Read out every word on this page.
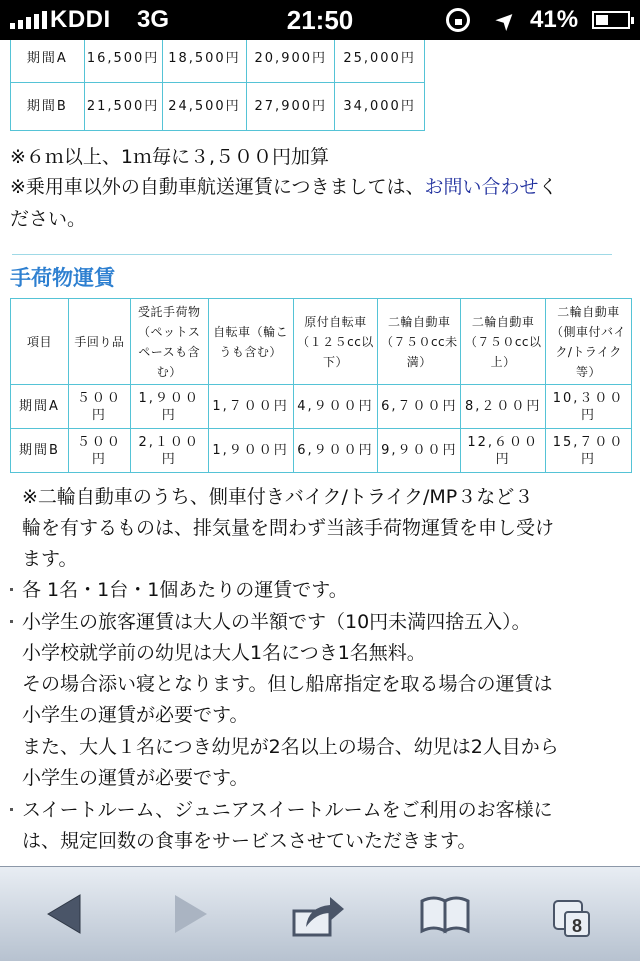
KDDI 3G	21:50	➤ 41%
期間A	16,500円	18,500円	20,900円	25,000円
期間B	21,500円	24,500円	27,900円	34,000円
※６ｍ以上、1ｍ毎に３,５００円加算
※乗用車以外の自動車航送運賃につきましては、お問い合わせく
ださい。
手荷物運賃
項目	手回り品	受託手荷物（ペットスペースも含む）	自転車（輪こうも含む）	原付自転車（１２５cc以下）	二輪自動車（７５０cc未満）	二輪自動車（７５０cc以上）	二輪自動車（側車付バイク/トライク等）
期間A	５００円	1,９００円	1,７００円	4,９００円	6,７００円	8,２００円	10,３００円
期間B	５００円	2,１００円	1,９００円	6,９００円	9,９００円	12,６００円	15,７００円
※二輪自動車のうち、側車付きバイク/トライク/MP３など３
輪を有するものは、排気量を問わず当該手荷物運賃を申し受け
ます。
各 1名・1台・1個あたりの運賃です。
小学生の旅客運賃は大人の半額です（10円未満四捨五入）。
小学校就学前の幼児は大人1名につき1名無料。
その場合添い寝となります。但し船席指定を取る場合の運賃は
小学生の運賃が必要です。
また、大人１名につき幼児が2名以上の場合、幼児は2人目から
小学生の運賃が必要です。
スイートルーム、ジュニアスイートルームをご利用のお客様に
は、規定回数の食事をサービスさせていただきます。
8
